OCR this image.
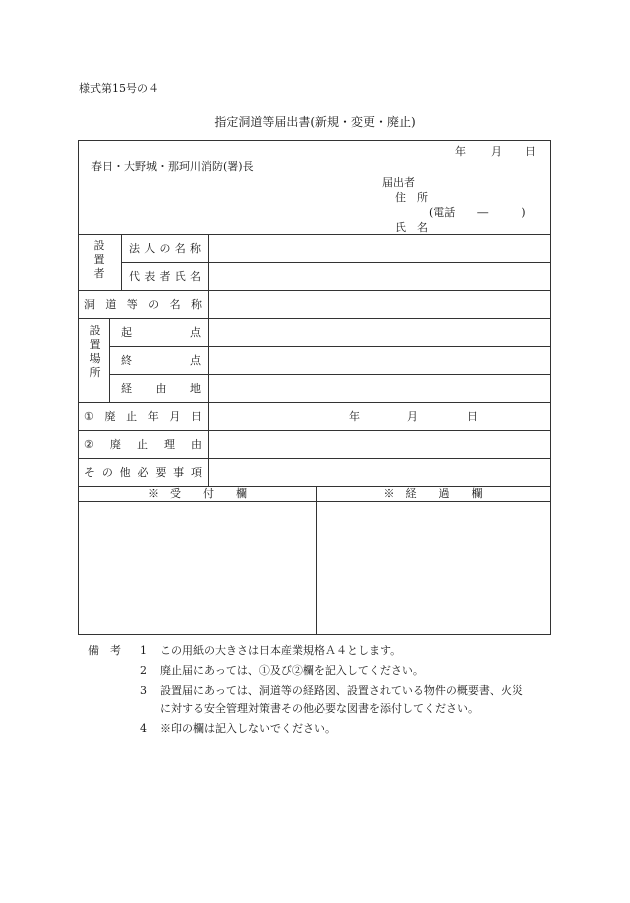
様式第15号の４
指定洞道等届出書(新規・変更・廃止)
年 月 日
春日・大野城・那珂川消防(署)長
届出者
住　所
(電話　　―　　　)
氏　名
設
置
者
法 人 の 名 称
代 表 者 氏 名
洞 道 等 の 名 称
設
置
場
所
起	点
終	点
経 由 地
① 廃 止 年 月 日	年	月	日
② 廃 止 理 由
そ の 他 必 要 事 項
※　受　　付　　欄	※　経　　過　　欄
備　考 1 この用紙の大きさは日本産業規格Ａ４とします。
2 廃止届にあっては、①及び②欄を記入してください。
3 設置届にあっては、洞道等の経路図、設置されている物件の概要書、火災
に対する安全管理対策書その他必要な図書を添付してください。
4 ※印の欄は記入しないでください。
